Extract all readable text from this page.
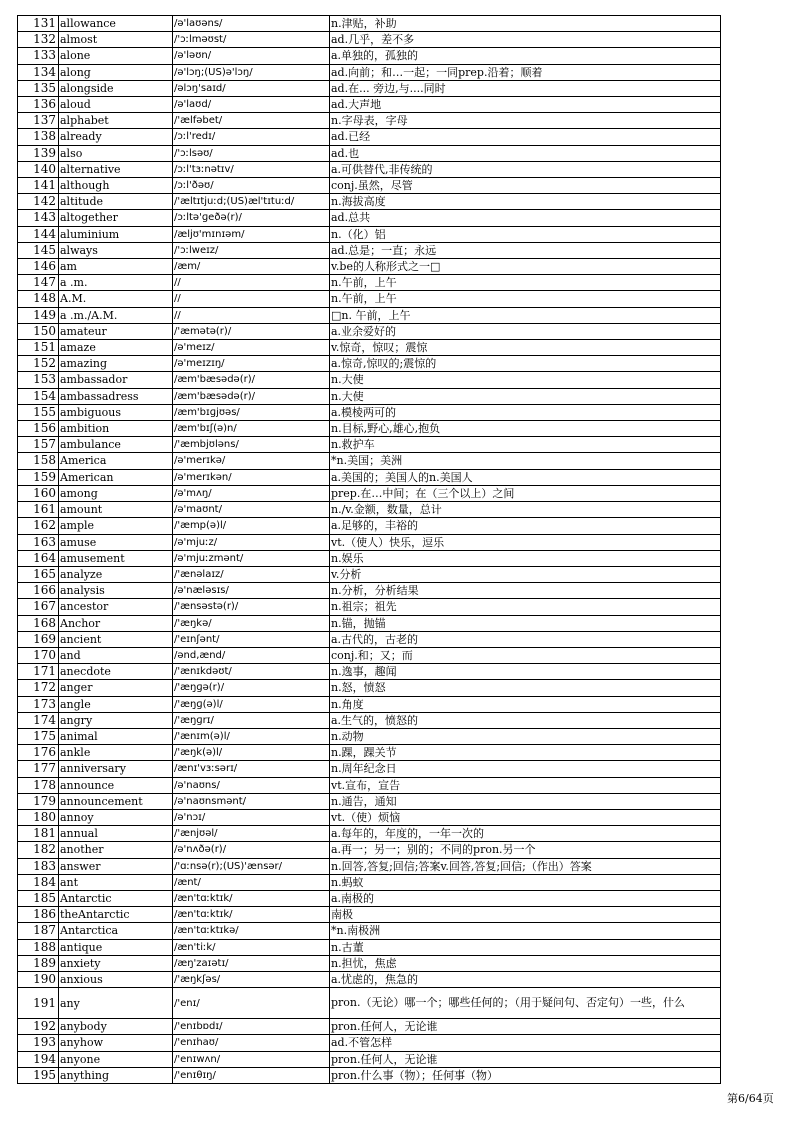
131	allowance	/ə'laʊəns/	n.津贴，补助
132	almost	/'ɔːlməʊst/	ad.几乎，差不多
133	alone	/ə'ləʊn/	a.单独的，孤独的
134	along	/ə'lɔŋ;(US)ə'lɔŋ/	ad.向前；和…一起；一同prep.沿着；顺着
135	alongside	/əlɔŋ'saɪd/	ad.在... 旁边,与....同时
136	aloud	/ə'laʊd/	ad.大声地
137	alphabet	/'ælfəbet/	n.字母表，字母
138	already	/ɔːl'redɪ/	ad.已经
139	also	/'ɔːlsəʊ/	ad.也
140	alternative	/ɔːl'tɜːnətɪv/	a.可供替代,非传统的
141	although	/ɔːl'ðəʊ/	conj.虽然，尽管
142	altitude	/'æltɪtjuːd;(US)æl'tɪtuːd/	n.海拔高度
143	altogether	/ɔːltə'ɡeðə(r)/	ad.总共
144	aluminium	/æljʊ'mɪnɪəm/	n.（化）铝
145	always	/'ɔːlweɪz/	ad.总是；一直；永远
146	am	/æm/	v.be的人称形式之一□
147	a .m.	//	n.午前，上午
148	A.M.	//	n.午前，上午
149	a .m./A.M.	//	□n. 午前，上午
150	amateur	/'æmətə(r)/	a.业余爱好的
151	amaze	/ə'meɪz/	v.惊奇，惊叹；震惊
152	amazing	/ə'meɪzɪŋ/	a.惊奇,惊叹的;震惊的
153	ambassador	/æm'bæsədə(r)/	n.大使
154	ambassadress	/æm'bæsədə(r)/	n.大使
155	ambiguous	/æm'bɪɡjʊəs/	a.模棱两可的
156	ambition	/æm'bɪʃ(ə)n/	n.目标,野心,雄心,抱负
157	ambulance	/'æmbjʊləns/	n.救护车
158	America	/ə'merɪkə/	*n.美国；美洲
159	American	/ə'merɪkən/	a.美国的；美国人的n.美国人
160	among	/ə'mʌŋ/	prep.在…中间；在（三个以上）之间
161	amount	/ə'maʊnt/	n./v.金额，数量，总计
162	ample	/'æmp(ə)l/	a.足够的，丰裕的
163	amuse	/ə'mjuːz/	vt.（使人）快乐，逗乐
164	amusement	/ə'mjuːzmənt/	n.娱乐
165	analyze	/'ænəlaɪz/	v.分析
166	analysis	/ə'næləsɪs/	n.分析，分析结果
167	ancestor	/'ænsəstə(r)/	n.祖宗；祖先
168	Anchor	/'æŋkə/	n.锚，抛锚
169	ancient	/'eɪnʃənt/	a.古代的，古老的
170	and	/ənd,ænd/	conj.和；又；而
171	anecdote	/'ænɪkdəʊt/	n.逸事，趣闻
172	anger	/'æŋɡə(r)/	n.怒，愤怒
173	angle	/'æŋɡ(ə)l/	n.角度
174	angry	/'æŋɡrɪ/	a.生气的，愤怒的
175	animal	/'ænɪm(ə)l/	n.动物
176	ankle	/'æŋk(ə)l/	n.踝，踝关节
177	anniversary	/ænɪ'vɜːsərɪ/	n.周年纪念日
178	announce	/ə'naʊns/	vt.宣布，宣告
179	announcement	/ə'naʊnsmənt/	n.通告，通知
180	annoy	/ə'nɔɪ/	vt.（使）烦恼
181	annual	/'ænjʊəl/	a.每年的，年度的，一年一次的
182	another	/ə'nʌðə(r)/	a.再一；另一；别的；不同的pron.另一个
183	answer	/'ɑːnsə(r);(US)'ænsər/	n.回答,答复;回信;答案v.回答,答复;回信;（作出）答案
184	ant	/ænt/	n.蚂蚁
185	Antarctic	/æn'tɑːktɪk/	a.南极的
186	theAntarctic	/æn'tɑːktɪk/	南极
187	Antarctica	/æn'tɑːktɪkə/	*n.南极洲
188	antique	/æn'tiːk/	n.古董
189	anxiety	/æŋ'zaɪətɪ/	n.担忧，焦虑
190	anxious	/'æŋkʃəs/	a.忧虑的，焦急的
191	any	/'enɪ/	pron.（无论）哪一个；哪些任何的；（用于疑问句、否定句）一些，什么
192	anybody	/'enɪbɒdɪ/	pron.任何人，无论谁
193	anyhow	/'enɪhaʊ/	ad.不管怎样
194	anyone	/'enɪwʌn/	pron.任何人，无论谁
195	anything	/'enɪθɪŋ/	pron.什么事（物）；任何事（物）
第6/64页
